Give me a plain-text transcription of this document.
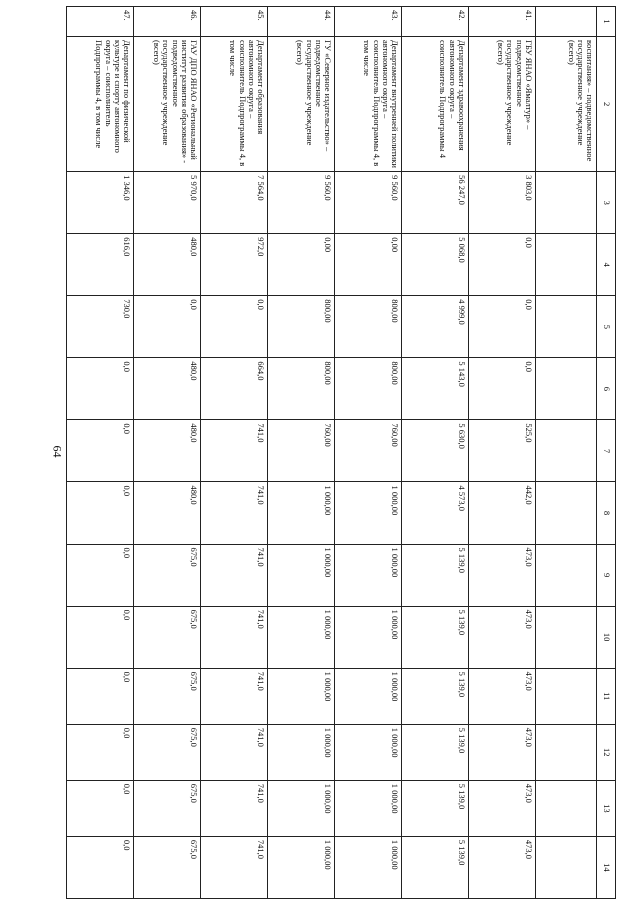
64
1	2	3	4	5	6	7	8	9	10	11	12	13	14
	воспитания» – подведомственное государственное учреждение (всего)												
41.	ГБУ ЯНАО «Ямалтур» – подведомственное государственное учреждение (всего)	3 803,0	0,0	0,0	0,0	525,0	442,0	473,0	473,0	473,0	473,0	473,0	473,0
42.	Департамент здравоохранения автономного округа – соисполнитель Подпрограммы 4	56 247,0	5 068,0	4 999,0	5 143,0	5 630,0	4 573,0	5 139,0	5 139,0	5 139,0	5 139,0	5 139,0	5 139,0
43.	Департамент внутренней политики автономного округа – соисполнитель Подпрограммы 4, в том числе	9 560,0	0,00	800,00	800,00	760,00	1 000,00	1 000,00	1 000,00	1 000,00	1 000,00	1 000,00	1 000,00
44.	ГУ «Северное издательство» – подведомственное государственное учреждение (всего)	9 560,0	0,00	800,00	800,00	760,00	1 000,00	1 000,00	1 000,00	1 000,00	1 000,00	1 000,00	1 000,00
45.	Департамент образования автономного округа – соисполнитель Подпрограммы 4, в том числе	7 564,0	972,0	0,0	664,0	741,0	741,0	741,0	741,0	741,0	741,0	741,0	741,0
46.	ГАУ ДПО ЯНАО «Региональный институт развития образования» - подведомственное государственное учреждение (всего)	5 970,0	480,0	0,0	480,0	480,0	480,0	675,0	675,0	675,0	675,0	675,0	675,0
47.	Департамент по физической культуре и спорту автономного округа – соисполнитель Подпрограммы 4, в том числе	1 346,0	616,0	730,0	0,0	0,0	0,0	0,0	0,0	0,0	0,0	0,0	0,0
